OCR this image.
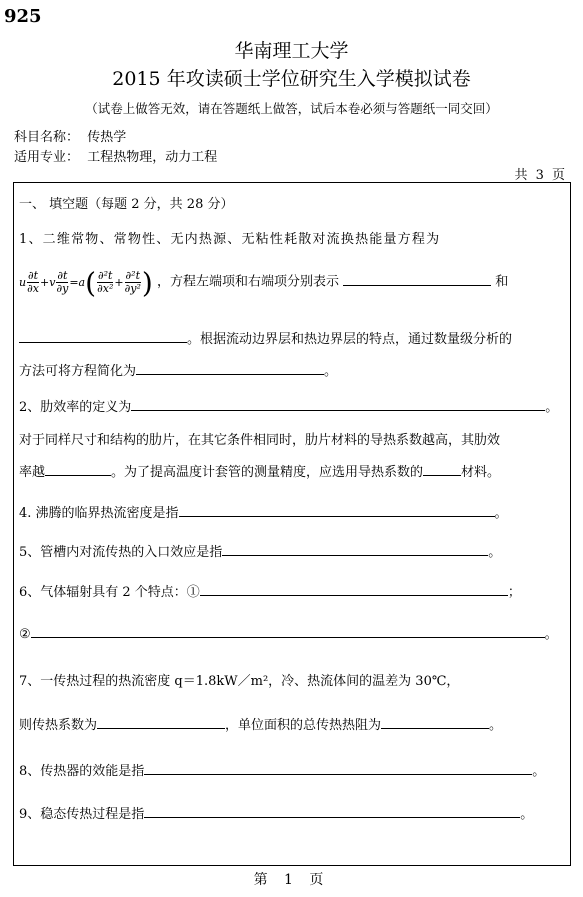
925
华南理工大学
2015 年攻读硕士学位研究生入学模拟试卷
（试卷上做答无效，请在答题纸上做答，试后本卷必须与答题纸一同交回）
科目名称： 传热学
适用专业： 工程热物理，动力工程
共 3 页
一、 填空题（每题 2 分，共 28 分）
1、二维常物、常物性、无内热源、无粘性耗散对流换热能量方程为
u $\frac{\partial t}{\partial x} +v \frac{\partial t}{\partial y} =a( \frac{\text{∂²t}}{\text{∂x²}} + \frac{\text{∂²t}}{\text{∂y²}}$ ) ，方程左端项和右端项分别表示	和
。根据流动边界层和热边界层的特点，通过数量级分析的
方法可将方程简化为	。
2、肋效率的定义为	。
对于同样尺寸和结构的肋片，在其它条件相同时，肋片材料的导热系数越高，其肋效
率越	。为了提高温度计套管的测量精度，应选用导热系数的	材料。
4. 沸腾的临界热流密度是指	。
5、管槽内对流传热的入口效应是指	。
6、气体辐射具有 2 个特点：①	；
②	。
7、一传热过程的热流密度 q＝1.8kW／m²，冷、热流体间的温差为 30℃，
则传热系数为	，单位面积的总传热热阻为	。
8、传热器的效能是指	。
9、稳态传热过程是指	。
第 1 页
